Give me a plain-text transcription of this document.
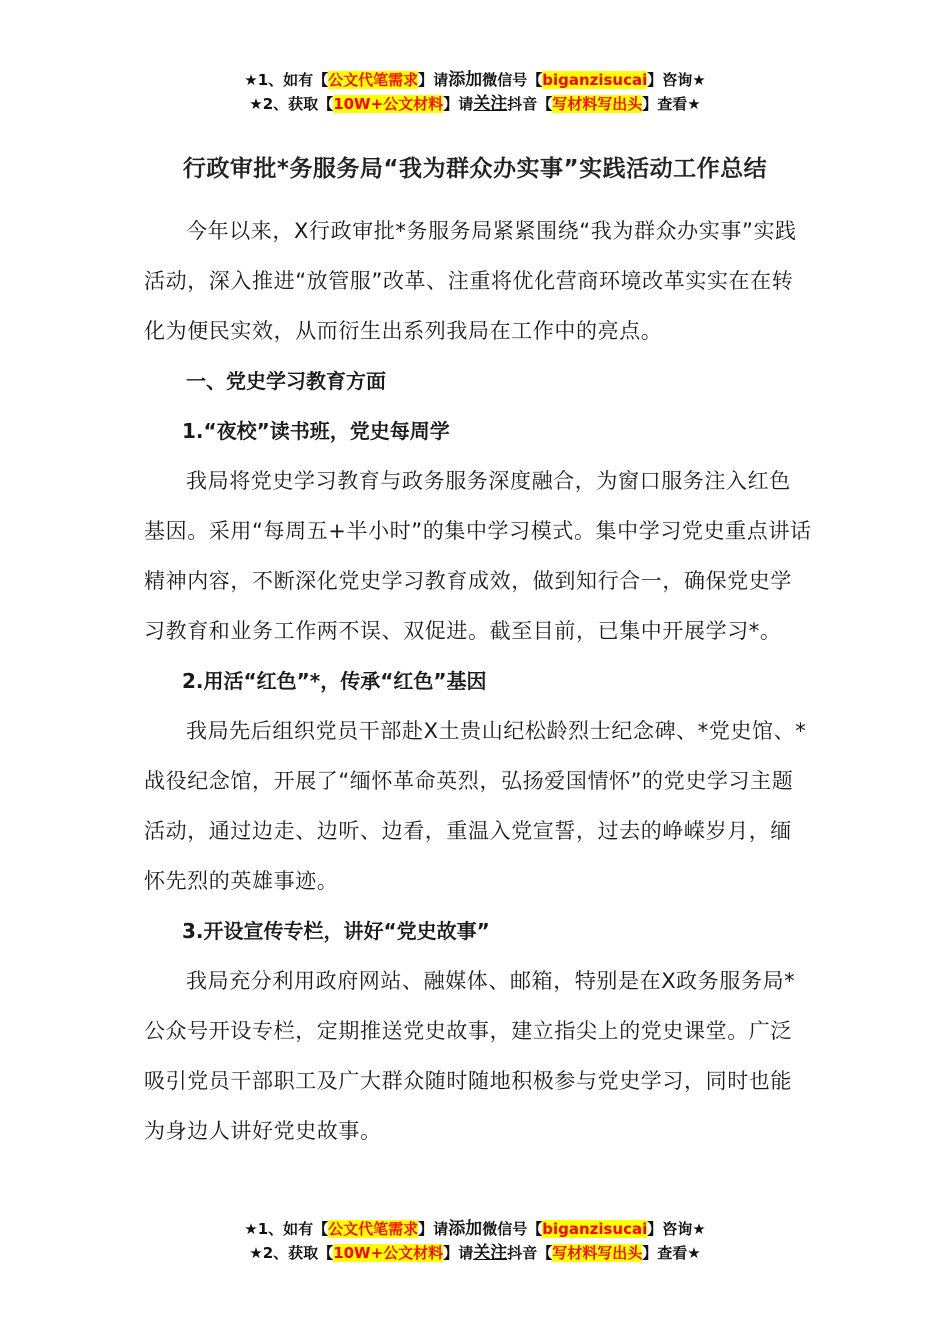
★1、如有【公文代笔需求】请添加微信号【biganzisucai】咨询★
★2、获取【10W+公文材料】请关注抖音【写材料写出头】查看★
行政审批*务服务局“我为群众办实事”实践活动工作总结

今年以来，X行政审批*务服务局紧紧围绕“我为群众办实事”实践活动，深入推进“放管服”改革、注重将优化营商环境改革实实在在转化为便民实效，从而衍生出系列我局在工作中的亮点。

一、党史学习教育方面

1.“夜校”读书班，党史每周学

我局将党史学习教育与政务服务深度融合，为窗口服务注入红色基因。采用“每周五+半小时”的集中学习模式。集中学习党史重点讲话精神内容，不断深化党史学习教育成效，做到知行合一，确保党史学习教育和业务工作两不误、双促进。截至目前，已集中开展学习*。

2.用活“红色”*，传承“红色”基因

我局先后组织党员干部赴X土贵山纪松龄烈士纪念碑、*党史馆、*战役纪念馆，开展了“缅怀革命英烈，弘扬爱国情怀”的党史学习主题活动，通过边走、边听、边看，重温入党宣誓，过去的峥嵘岁月，缅怀先烈的英雄事迹。

3.开设宣传专栏，讲好“党史故事”

我局充分利用政府网站、融媒体、邮箱，特别是在X政务服务局*公众号开设专栏，定期推送党史故事，建立指尖上的党史课堂。广泛吸引党员干部职工及广大群众随时随地积极参与党史学习，同时也能为身边人讲好党史故事。

★1、如有【公文代笔需求】请添加微信号【biganzisucai】咨询★
★2、获取【10W+公文材料】请关注抖音【写材料写出头】查看★
